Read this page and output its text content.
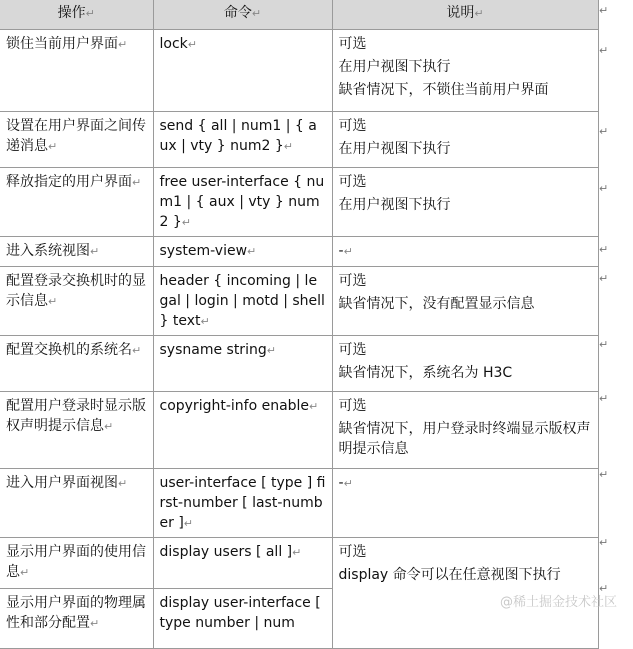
操作↵	命令↵	说明↵
锁住当前用户界面↵	lock↵	可选
在用户视图下执行
缺省情况下，不锁住当前用户界面

设置在用户界面之间传递消息↵	send { all | num1 | { aux | vty } num2 }↵	可选
在用户视图下执行

释放指定的用户界面↵	free user-interface { num1 | { aux | vty } num2 }↵	可选
在用户视图下执行

进入系统视图↵	system-view↵	-↵
配置登录交换机时的显示信息↵	header { incoming | legal | login | motd | shell } text↵	可选
缺省情况下，没有配置显示信息

配置交换机的系统名↵	sysname string↵	可选
缺省情况下，系统名为 H3C

配置用户登录时显示版权声明提示信息↵	copyright-info enable↵	可选
缺省情况下，用户登录时终端显示版权声明提示信息

进入用户界面视图↵	user-interface [ type ] first-number [ last-number ]↵	-↵
显示用户界面的使用信息↵	display users [ all ]↵	可选
display 命令可以在任意视图下执行

显示用户界面的物理属性和部分配置↵	display user-interface [ type number | num	
↵
↵
↵
↵
↵
↵
↵
↵
↵
↵
↵
@稀土掘金技术社区
